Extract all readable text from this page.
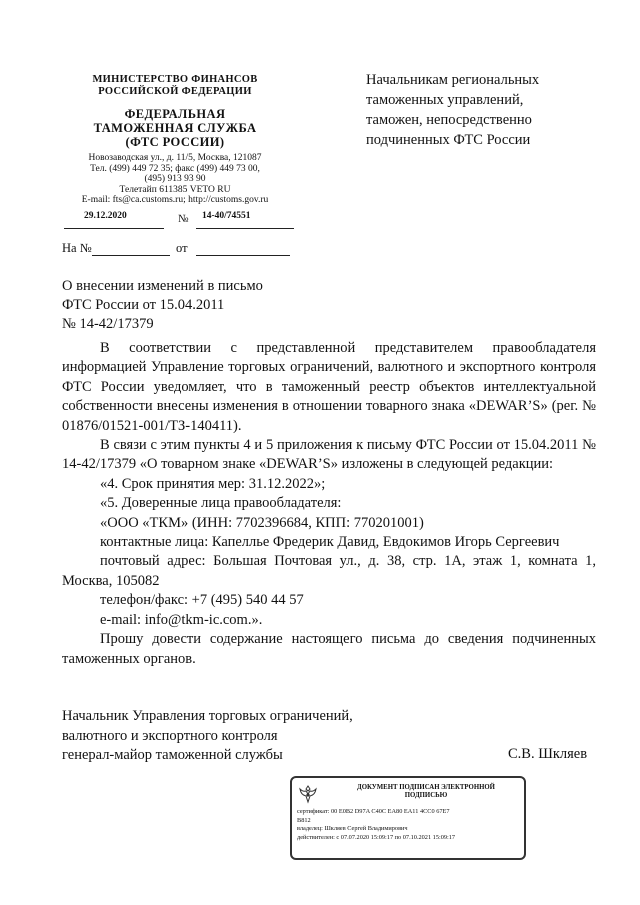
МИНИСТЕРСТВО ФИНАНСОВ
РОССИЙСКОЙ ФЕДЕРАЦИИ
ФЕДЕРАЛЬНАЯ
ТАМОЖЕННАЯ СЛУЖБА
(ФТС РОССИИ)
Новозаводская ул., д. 11/5, Москва, 121087
Тел. (499) 449 72 35; факс (499) 449 73 00,
(495) 913 93 90
Телетайп 611385 VETO RU
E-mail: fts@ca.customs.ru; http://customs.gov.ru
29.12.2020	№ 14-40/74551
На №	от
Начальникам региональных
таможенных управлений,
таможен, непосредственно
подчиненных ФТС России
О внесении изменений в письмо
ФТС России от 15.04.2011
№ 14-42/17379

В соответствии с представленной представителем правообладателя информацией Управление торговых ограничений, валютного и экспортного контроля ФТС России уведомляет, что в таможенный реестр объектов интеллектуальной собственности внесены изменения в отношении товарного знака «DEWAR’S» (рег. № 01876/01521-001/ТЗ-140411).

В связи с этим пункты 4 и 5 приложения к письму ФТС России от 15.04.2011 № 14-42/17379 «О товарном знаке «DEWAR’S» изложены в следующей редакции:

«4. Срок принятия мер: 31.12.2022»;

«5. Доверенные лица правообладателя:

«ООО «ТКМ» (ИНН: 7702396684, КПП: 770201001)

контактные лица: Капеллье Фредерик Давид, Евдокимов Игорь Сергеевич

почтовый адрес: Большая Почтовая ул., д. 38, стр. 1А, этаж 1, комната 1, Москва, 105082

телефон/факс: +7 (495) 540 44 57

e-mail: info@tkm-ic.com.».

Прошу довести содержание настоящего письма до сведения подчиненных таможенных органов.

Начальник Управления торговых ограничений,
валютного и экспортного контроля
генерал-майор таможенной службы	С.В. Шкляев
ДОКУМЕНТ ПОДПИСАН ЭЛЕКТРОННОЙ
ПОДПИСЬЮ
сертификат: 00 E0B2 D97A C40C EA80 EA11 4CC0 67E7
B812
владелец: Шкляев Сергей Владимирович
действителен: с 07.07.2020 15:09:17 по 07.10.2021 15:09:17
